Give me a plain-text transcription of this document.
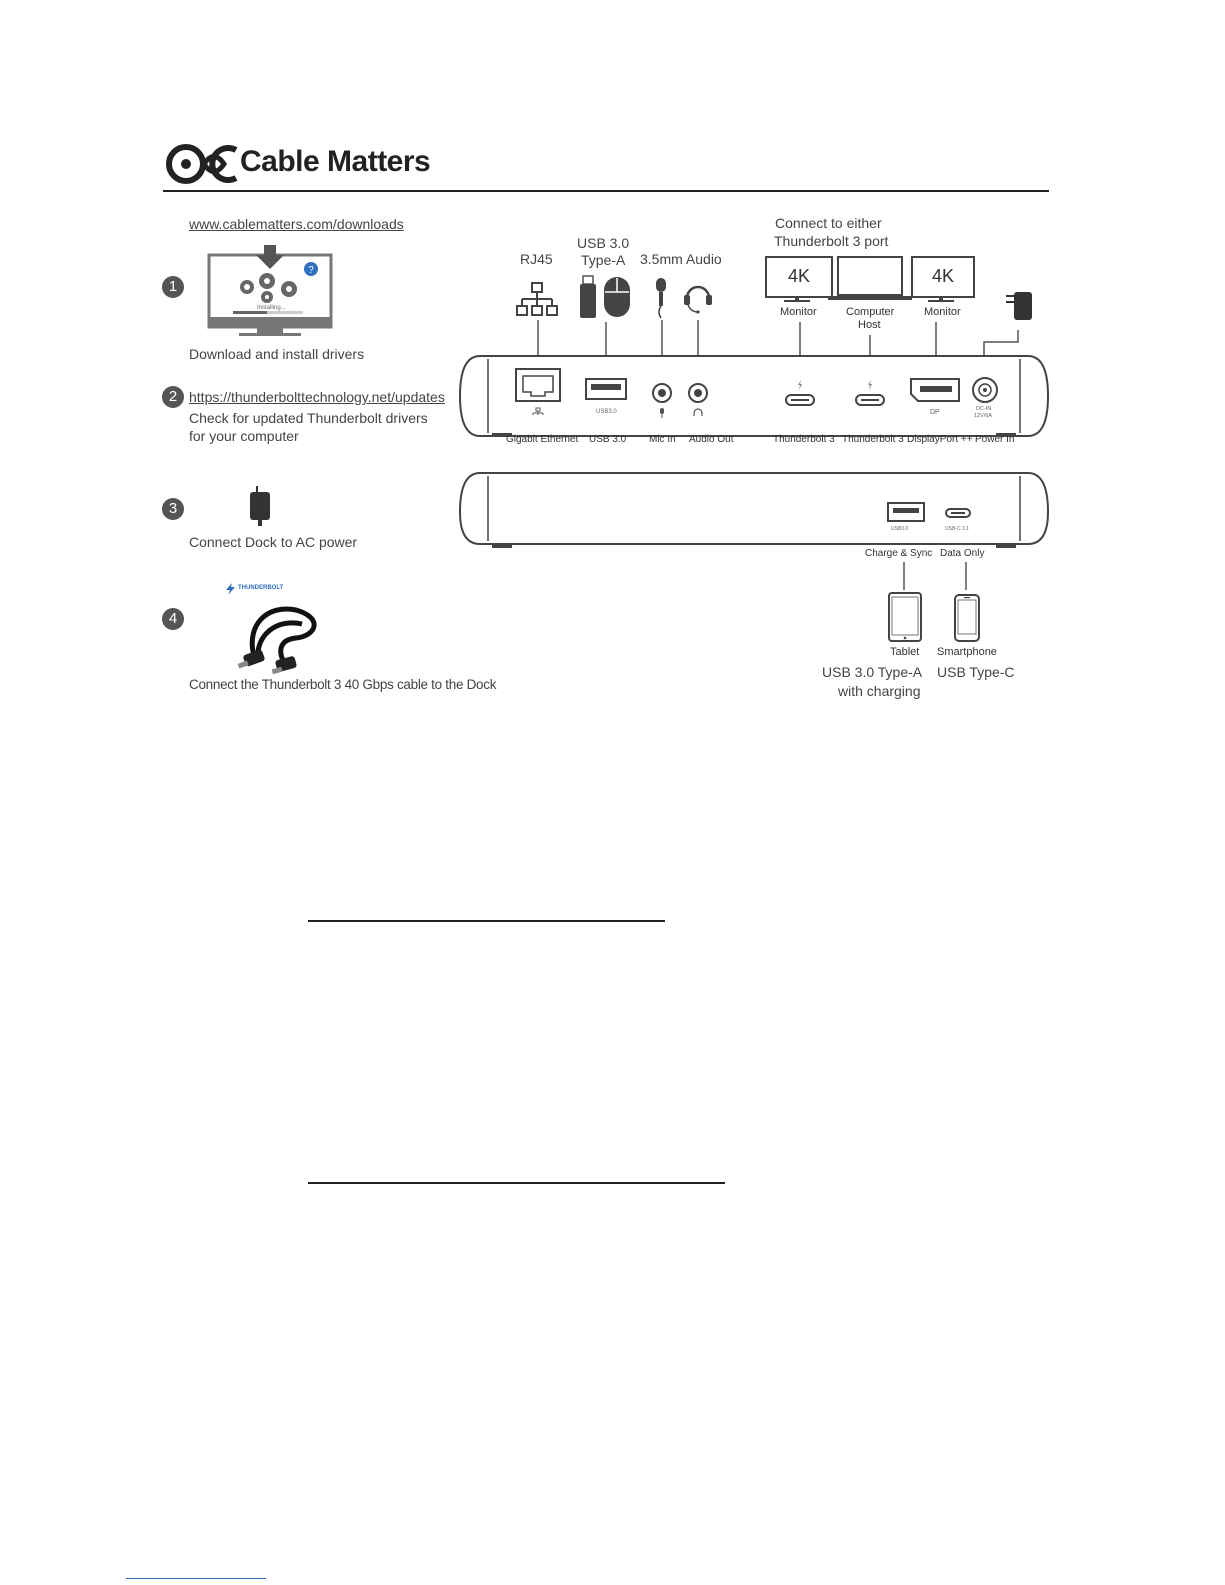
Cable Matters
www.cablematters.com/downloads
1
?
Installing...
Download and install drivers
2 https://thunderbolttechnology.net/updates
Check for updated Thunderbolt drivers
for your computer
3
Connect Dock to AC power
4
THUNDERBOLT
Connect the Thunderbolt 3 40 Gbps cable to the Dock
RJ45
USB 3.0
Type-A 3.5mm Audio
Connect to either
Thunderbolt 3 port
4K	4K
Monitor	Computer
Host
Monitor
USB3.0	DP	DC-IN
12V/6A
Gigabit Ethernet USB 3.0 Mic In Audio Out	Thunderbolt 3 Thunderbolt 3 DisplayPort ++ Power In
USB3.0	USB-C 3.1
Charge & Sync Data Only
Tablet Smartphone
USB 3.0 Type-A
with charging
USB Type-C
